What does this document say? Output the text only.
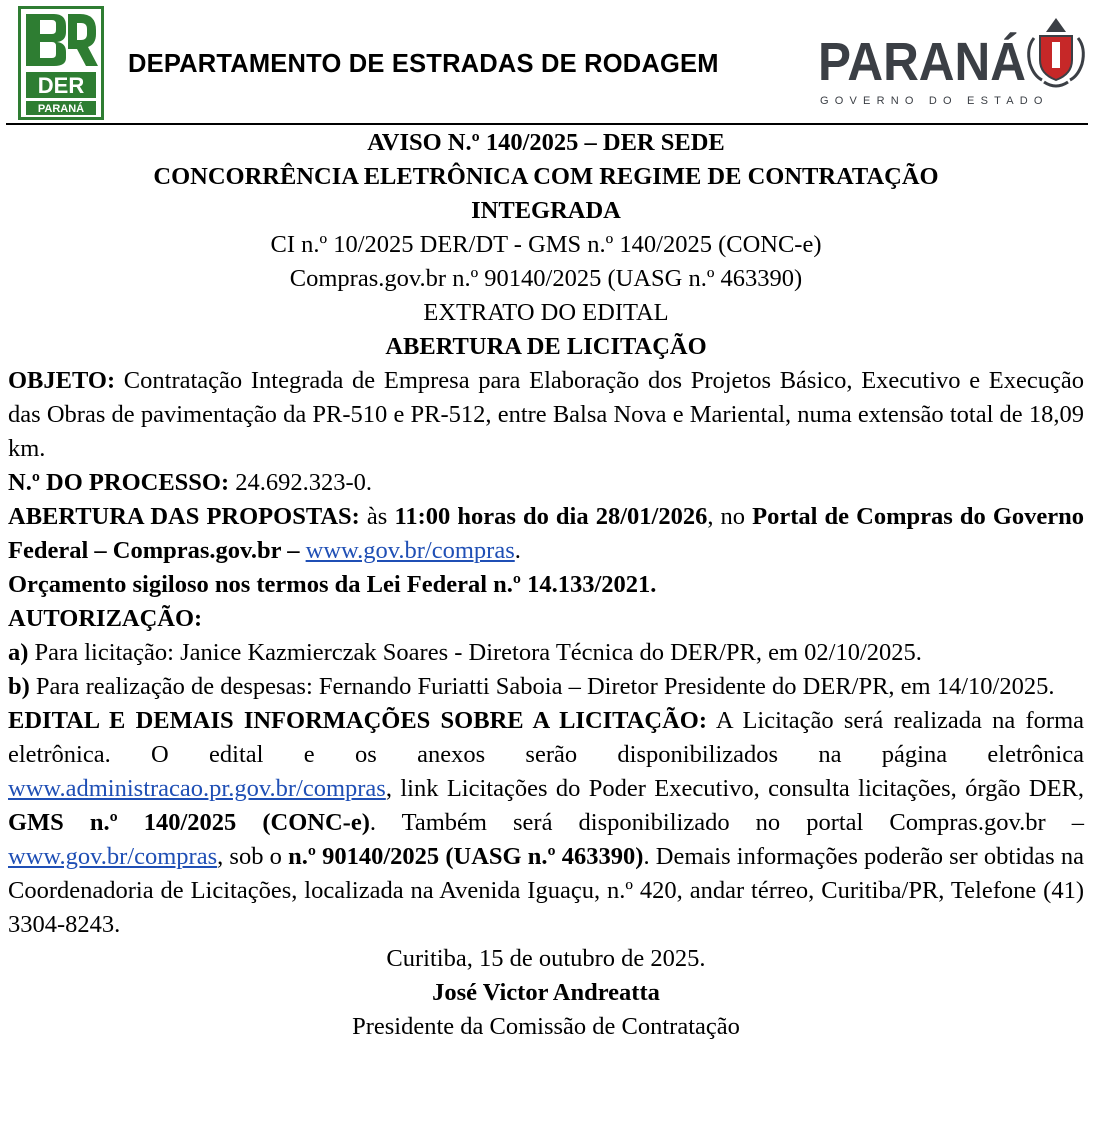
DER
PARANÁ
DEPARTAMENTO DE ESTRADAS DE RODAGEM PARANÁ
GOVERNO DO ESTADO

AVISO N.º 140/2025 – DER SEDE

CONCORRÊNCIA ELETRÔNICA COM REGIME DE CONTRATAÇÃO
INTEGRADA

CI n.º 10/2025 DER/DT - GMS n.º 140/2025 (CONC-e)

Compras.gov.br n.º 90140/2025 (UASG n.º 463390)

EXTRATO DO EDITAL

ABERTURA DE LICITAÇÃO

OBJETO: Contratação Integrada de Empresa para Elaboração dos Projetos Básico, Executivo e Execução das Obras de pavimentação da PR-510 e PR-512, entre Balsa Nova e Mariental, numa extensão total de 18,09 km.

N.º DO PROCESSO: 24.692.323-0.

ABERTURA DAS PROPOSTAS: às 11:00 horas do dia 28/01/2026, no Portal de Compras do Governo Federal – Compras.gov.br – www.gov.br/compras.

Orçamento sigiloso nos termos da Lei Federal n.º 14.133/2021.

AUTORIZAÇÃO:

a) Para licitação: Janice Kazmierczak Soares - Diretora Técnica do DER/PR, em 02/10/2025.

b) Para realização de despesas: Fernando Furiatti Saboia – Diretor Presidente do DER/PR, em 14/10/2025.

EDITAL E DEMAIS INFORMAÇÕES SOBRE A LICITAÇÃO: A Licitação será realizada na forma eletrônica. O edital e os anexos serão disponibilizados na página eletrônica www.administracao.pr.gov.br/compras, link Licitações do Poder Executivo, consulta licitações, órgão DER, GMS n.º 140/2025 (CONC-e). Também será disponibilizado no portal Compras.gov.br – www.gov.br/compras, sob o n.º 90140/2025 (UASG n.º 463390). Demais informações poderão ser obtidas na Coordenadoria de Licitações, localizada na Avenida Iguaçu, n.º 420, andar térreo, Curitiba/PR, Telefone (41) 3304-8243.

Curitiba, 15 de outubro de 2025.

José Victor Andreatta

Presidente da Comissão de Contratação
